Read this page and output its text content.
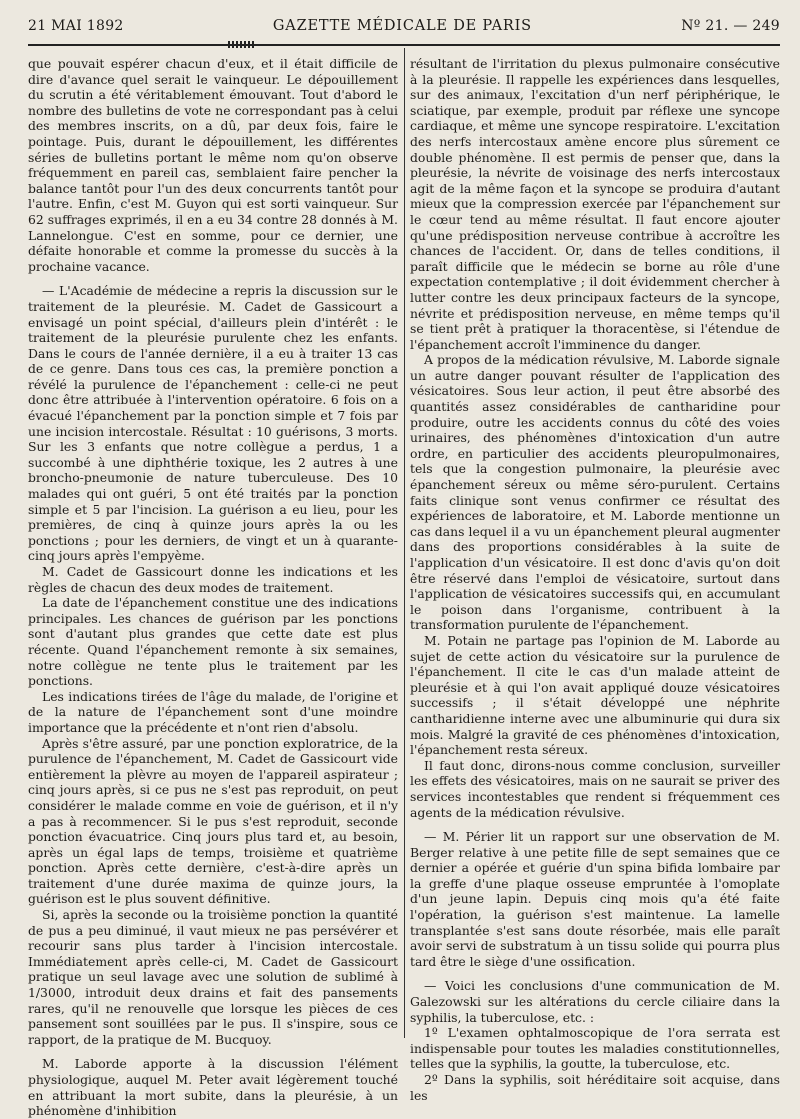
21 MAI 1892	GAZETTE MÉDICALE DE PARIS	Nº 21. — 249

que pouvait espérer chacun d'eux, et il était difficile de dire d'avance quel serait le vainqueur. Le dépouillement du scrutin a été véritablement émouvant. Tout d'abord le nombre des bulletins de vote ne correspondant pas à celui des membres inscrits, on a dû, par deux fois, faire le pointage. Puis, durant le dépouillement, les différentes séries de bulletins portant le même nom qu'on observe fréquemment en pareil cas, semblaient faire pencher la balance tantôt pour l'un des deux concurrents tantôt pour l'autre. Enfin, c'est M. Guyon qui est sorti vainqueur. Sur 62 suffrages exprimés, il en a eu 34 contre 28 donnés à M. Lannelongue. C'est en somme, pour ce dernier, une défaite honorable et comme la promesse du succès à la prochaine vacance.

— L'Académie de médecine a repris la discussion sur le traitement de la pleurésie. M. Cadet de Gassicourt a envisagé un point spécial, d'ailleurs plein d'intérêt : le traitement de la pleurésie purulente chez les enfants. Dans le cours de l'année dernière, il a eu à traiter 13 cas de ce genre. Dans tous ces cas, la première ponction a révélé la purulence de l'épanchement : celle-ci ne peut donc être attribuée à l'intervention opératoire. 6 fois on a évacué l'épanchement par la ponction simple et 7 fois par une incision intercostale. Résultat : 10 guérisons, 3 morts. Sur les 3 enfants que notre collègue a perdus, 1 a succombé à une diphthérie toxique, les 2 autres à une broncho-pneumonie de nature tuberculeuse. Des 10 malades qui ont guéri, 5 ont été traités par la ponction simple et 5 par l'incision. La guérison a eu lieu, pour les premières, de cinq à quinze jours après la ou les ponctions ; pour les derniers, de vingt et un à quarante-cinq jours après l'empyème.

M. Cadet de Gassicourt donne les indications et les règles de chacun des deux modes de traitement.

La date de l'épanchement constitue une des indications principales. Les chances de guérison par les ponctions sont d'autant plus grandes que cette date est plus récente. Quand l'épanchement remonte à six semaines, notre collègue ne tente plus le traitement par les ponctions.

Les indications tirées de l'âge du malade, de l'origine et de la nature de l'épanchement sont d'une moindre importance que la précédente et n'ont rien d'absolu.

Après s'être assuré, par une ponction exploratrice, de la purulence de l'épanchement, M. Cadet de Gassicourt vide entièrement la plèvre au moyen de l'appareil aspirateur ; cinq jours après, si ce pus ne s'est pas reproduit, on peut considérer le malade comme en voie de guérison, et il n'y a pas à recommencer. Si le pus s'est reproduit, seconde ponction évacuatrice. Cinq jours plus tard et, au besoin, après un égal laps de temps, troisième et quatrième ponction. Après cette dernière, c'est-à-dire après un traitement d'une durée maxima de quinze jours, la guérison est le plus souvent définitive.

Si, après la seconde ou la troisième ponction la quantité de pus a peu diminué, il vaut mieux ne pas persévérer et recourir sans plus tarder à l'incision intercostale. Immédiatement après celle-ci, M. Cadet de Gassicourt pratique un seul lavage avec une solution de sublimé à 1/3000, introduit deux drains et fait des pansements rares, qu'il ne renouvelle que lorsque les pièces de ces pansement sont souillées par le pus. Il s'inspire, sous ce rapport, de la pratique de M. Bucquoy.

M. Laborde apporte à la discussion l'élément physiologique, auquel M. Peter avait légèrement touché en attribuant la mort subite, dans la pleurésie, à un phénomène d'inhibition

résultant de l'irritation du plexus pulmonaire consécutive à la pleurésie. Il rappelle les expériences dans lesquelles, sur des animaux, l'excitation d'un nerf périphérique, le sciatique, par exemple, produit par réflexe une syncope cardiaque, et même une syncope respiratoire. L'excitation des nerfs intercostaux amène encore plus sûrement ce double phénomène. Il est permis de penser que, dans la pleurésie, la névrite de voisinage des nerfs intercostaux agit de la même façon et la syncope se produira d'autant mieux que la compression exercée par l'épanchement sur le cœur tend au même résultat. Il faut encore ajouter qu'une prédisposition nerveuse contribue à accroître les chances de l'accident. Or, dans de telles conditions, il paraît difficile que le médecin se borne au rôle d'une expectation contemplative ; il doit évidemment chercher à lutter contre les deux principaux facteurs de la syncope, névrite et prédisposition nerveuse, en même temps qu'il se tient prêt à pratiquer la thoracentèse, si l'étendue de l'épanchement accroît l'imminence du danger.

A propos de la médication révulsive, M. Laborde signale un autre danger pouvant résulter de l'application des vésicatoires. Sous leur action, il peut être absorbé des quantités assez considérables de cantharidine pour produire, outre les accidents connus du côté des voies urinaires, des phénomènes d'intoxication d'un autre ordre, en particulier des accidents pleuropulmonaires, tels que la congestion pulmonaire, la pleurésie avec épanchement séreux ou même séro-purulent. Certains faits clinique sont venus confirmer ce résultat des expériences de laboratoire, et M. Laborde mentionne un cas dans lequel il a vu un épanchement pleural augmenter dans des proportions considérables à la suite de l'application d'un vésicatoire. Il est donc d'avis qu'on doit être réservé dans l'emploi de vésicatoire, surtout dans l'application de vésicatoires successifs qui, en accumulant le poison dans l'organisme, contribuent à la transformation purulente de l'épanchement.

M. Potain ne partage pas l'opinion de M. Laborde au sujet de cette action du vésicatoire sur la purulence de l'épanchement. Il cite le cas d'un malade atteint de pleurésie et à qui l'on avait appliqué douze vésicatoires successifs ; il s'était développé une néphrite cantharidienne interne avec une albuminurie qui dura six mois. Malgré la gravité de ces phénomènes d'intoxication, l'épanchement resta séreux.

Il faut donc, dirons-nous comme conclusion, surveiller les effets des vésicatoires, mais on ne saurait se priver des services incontestables que rendent si fréquemment ces agents de la médication révulsive.

— M. Périer lit un rapport sur une observation de M. Berger relative à une petite fille de sept semaines que ce dernier a opérée et guérie d'un spina bifida lombaire par la greffe d'une plaque osseuse empruntée à l'omoplate d'un jeune lapin. Depuis cinq mois qu'a été faite l'opération, la guérison s'est maintenue. La lamelle transplantée s'est sans doute résorbée, mais elle paraît avoir servi de substratum à un tissu solide qui pourra plus tard être le siège d'une ossification.

— Voici les conclusions d'une communication de M. Galezowski sur les altérations du cercle ciliaire dans la syphilis, la tuberculose, etc. :

1º L'examen ophtalmoscopique de l'ora serrata est indispensable pour toutes les maladies constitutionnelles, telles que la syphilis, la goutte, la tuberculose, etc.

2º Dans la syphilis, soit héréditaire soit acquise, dans les
